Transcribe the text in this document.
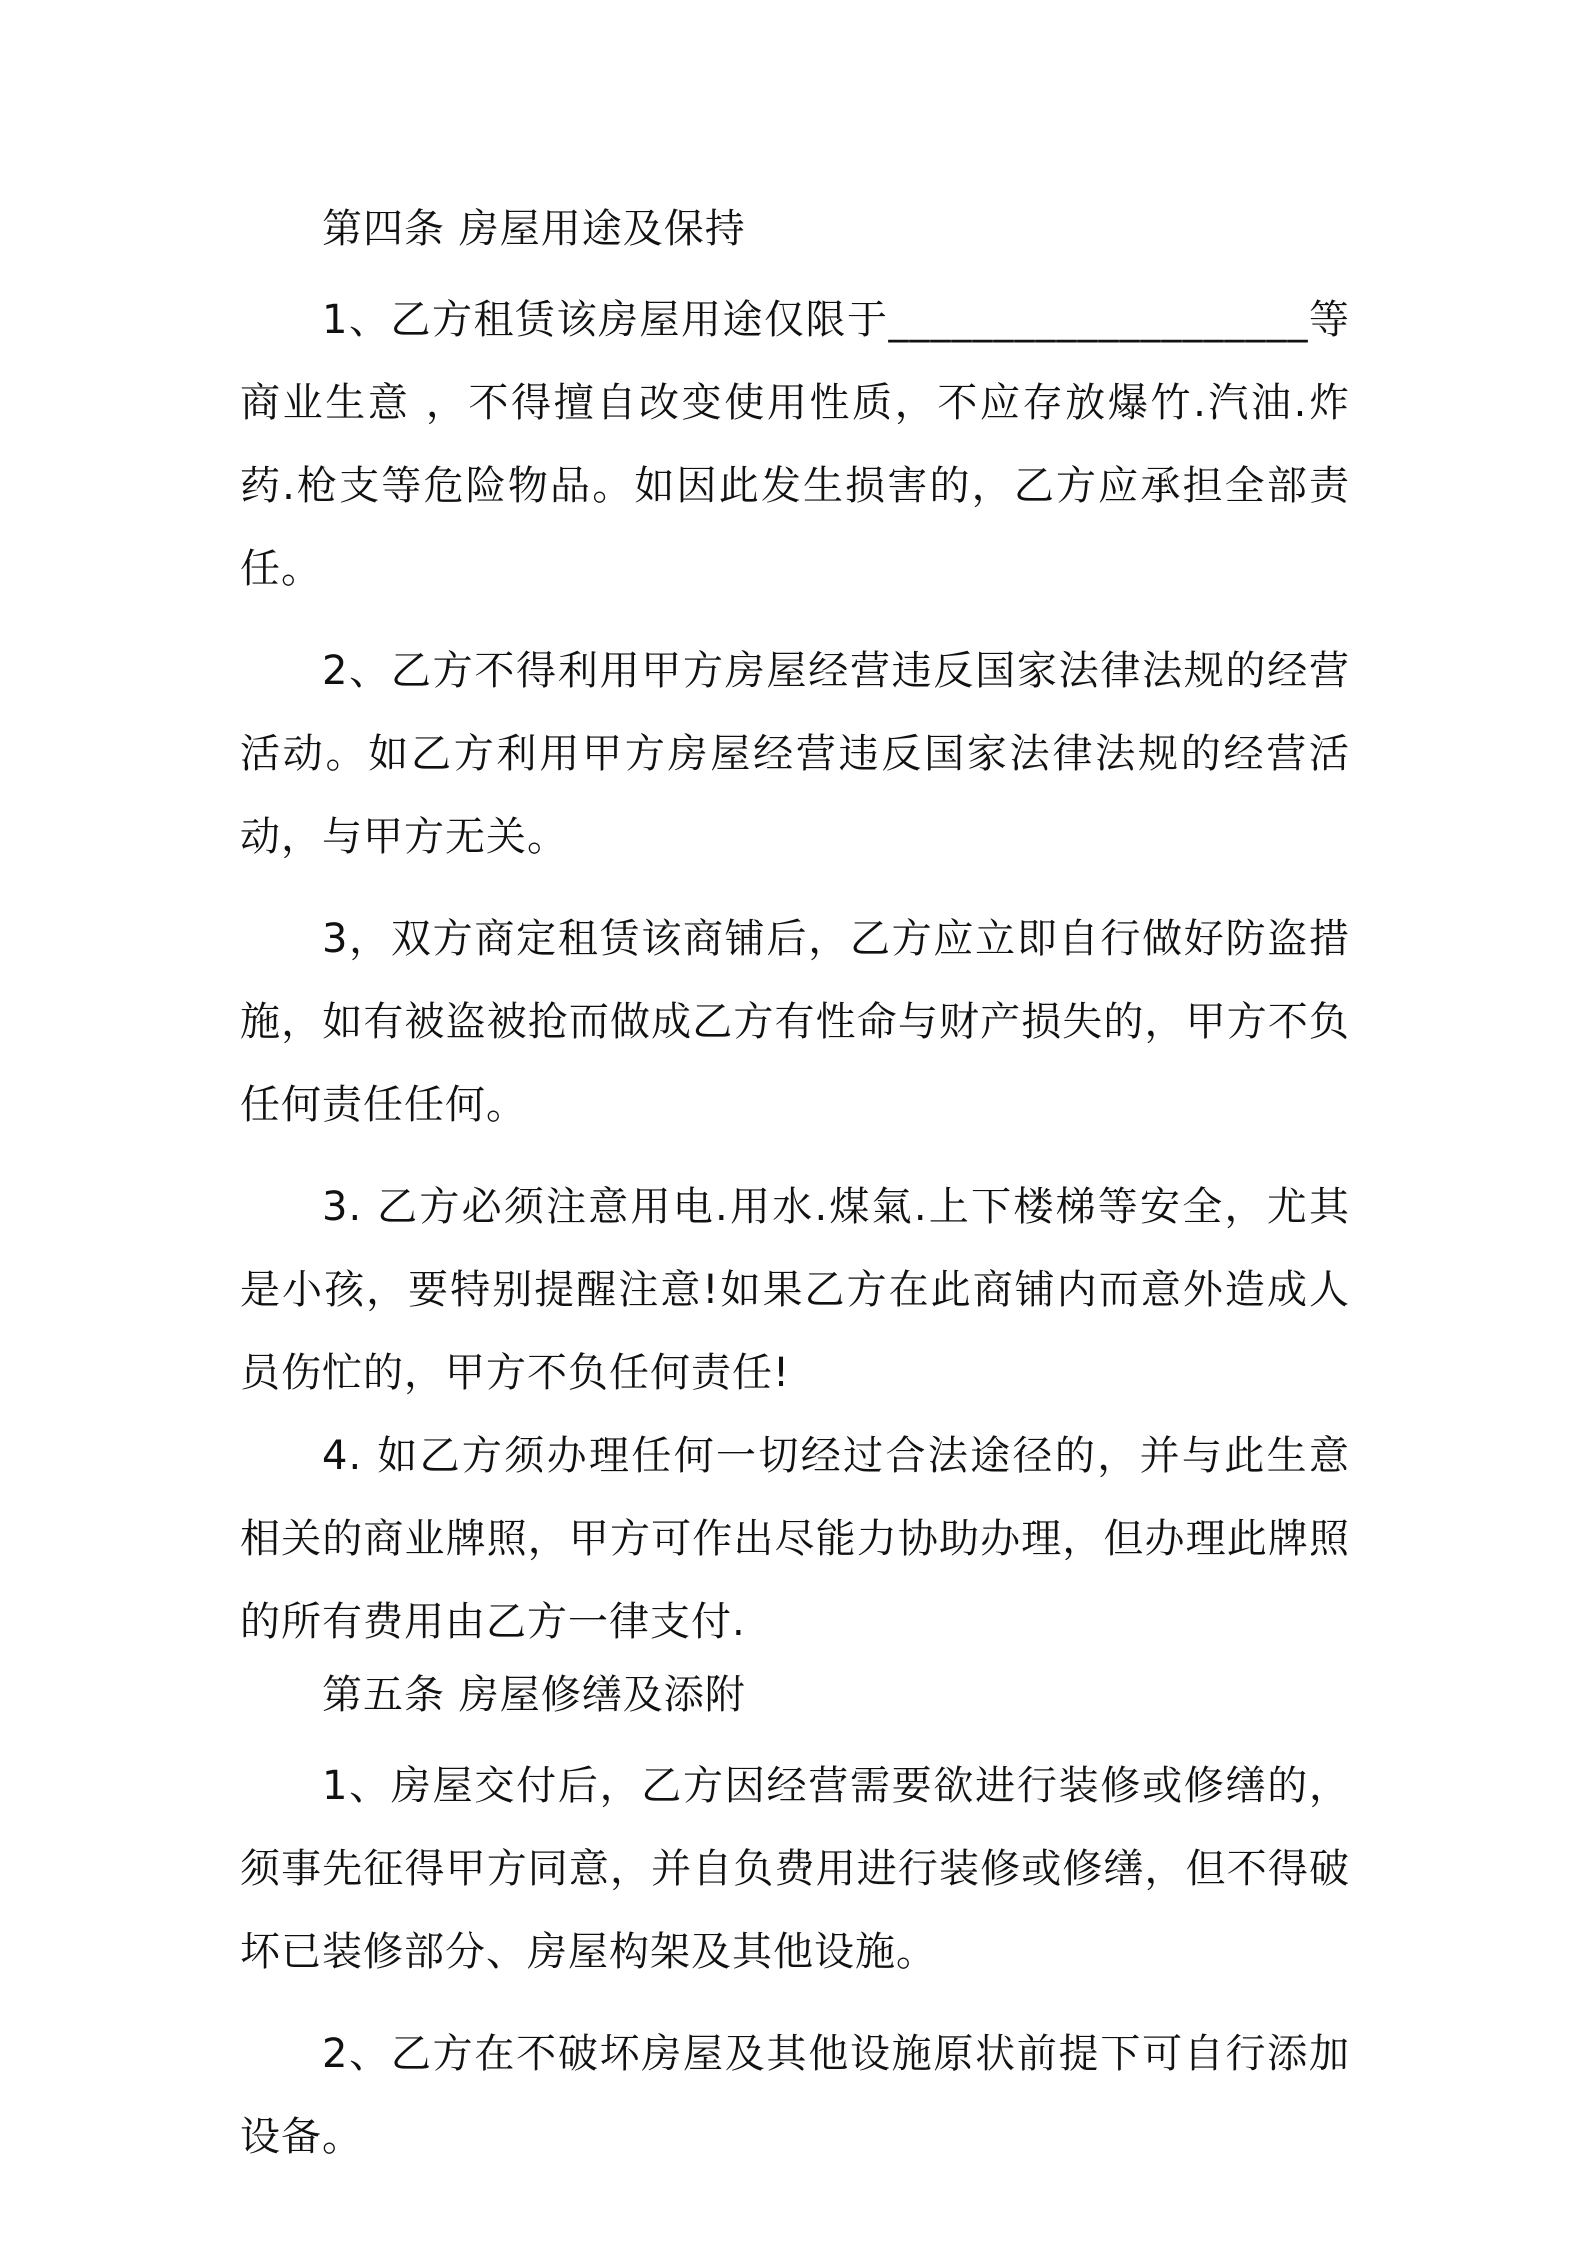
第四条 房屋用途及保持
1、乙方租赁该房屋用途仅限于____________________等商业生意 ，不得擅自改变使用性质，不应存放爆竹.汽油.炸药.枪支等危险物品。如因此发生损害的，乙方应承担全部责任。
2、乙方不得利用甲方房屋经营违反国家法律法规的经营活动。如乙方利用甲方房屋经营违反国家法律法规的经营活动，与甲方无关。
3，双方商定租赁该商铺后，乙方应立即自行做好防盗措施，如有被盗被抢而做成乙方有性命与财产损失的，甲方不负任何责任任何。
3. 乙方必须注意用电.用水.煤氣.上下楼梯等安全，尤其是小孩，要特别提醒注意!如果乙方在此商铺内而意外造成人员伤忙的，甲方不负任何责任!
4. 如乙方须办理任何一切经过合法途径的，并与此生意相关的商业牌照，甲方可作出尽能力协助办理，但办理此牌照的所有费用由乙方一律支付.
第五条 房屋修缮及添附
1、房屋交付后，乙方因经营需要欲进行装修或修缮的，须事先征得甲方同意，并自负费用进行装修或修缮，但不得破坏已装修部分、房屋构架及其他设施。
2、乙方在不破坏房屋及其他设施原状前提下可自行添加设备。
